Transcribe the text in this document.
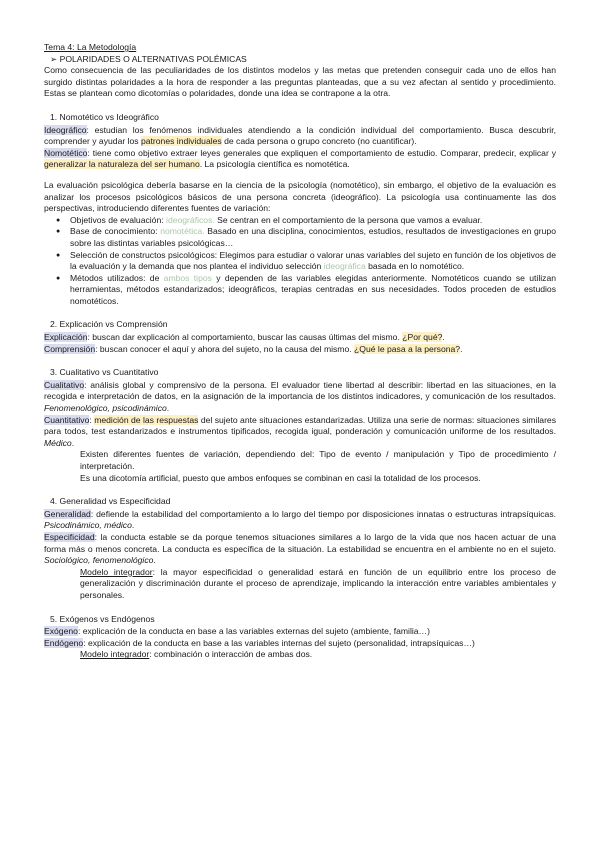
Tema 4: La Metodología

➢ POLARIDADES O ALTERNATIVAS POLÉMICAS

Como consecuencia de las peculiaridades de los distintos modelos y las metas que pretenden conseguir cada uno de ellos han surgido distintas polaridades a la hora de responder a las preguntas planteadas, que a su vez afectan al sentido y procedimiento. Estas se plantean como dicotomías o polaridades, donde una idea se contrapone a la otra.

1. Nomotético vs Ideográfico

Ideográfico: estudian los fenómenos individuales atendiendo a la condición individual del comportamiento. Busca descubrir, comprender y ayudar los patrones individuales de cada persona o grupo concreto (no cuantificar).

Nomotético: tiene como objetivo extraer leyes generales que expliquen el comportamiento de estudio. Comparar, predecir, explicar y generalizar la naturaleza del ser humano. La psicología científica es nomotética.

La evaluación psicológica debería basarse en la ciencia de la psicología (nomotético), sin embargo, el objetivo de la evaluación es analizar los procesos psicológicos básicos de una persona concreta (ideográfico). La psicología usa continuamente las dos perspectivas, introduciendo diferentes fuentes de variación:

● Objetivos de evaluación: ideográficos. Se centran en el comportamiento de la persona que vamos a evaluar.
● Base de conocimiento: nomotética. Basado en una disciplina, conocimientos, estudios, resultados de investigaciones en grupo sobre las distintas variables psicológicas…
● Selección de constructos psicológicos: Elegimos para estudiar o valorar unas variables del sujeto en función de los objetivos de la evaluación y la demanda que nos plantea el individuo selección ideográfica basada en lo nomotético.
● Métodos utilizados: de ambos tipos y dependen de las variables elegidas anteriormente. Nomotéticos cuando se utilizan herramientas, métodos estandarizados; ideográficos, terapias centradas en sus necesidades. Todos proceden de estudios nomotéticos.

2. Explicación vs Comprensión

Explicación: buscan dar explicación al comportamiento, buscar las causas últimas del mismo. ¿Por qué?.

Comprensión: buscan conocer el aquí y ahora del sujeto, no la causa del mismo. ¿Qué le pasa a la persona?.

3. Cualitativo vs Cuantitativo

Cualitativo: análisis global y comprensivo de la persona. El evaluador tiene libertad al describir: libertad en las situaciones, en la recogida e interpretación de datos, en la asignación de la importancia de los distintos indicadores, y comunicación de los resultados. Fenomenológico, psicodinámico.

Cuantitativo: medición de las respuestas del sujeto ante situaciones estandarizadas. Utiliza una serie de normas: situaciones similares para todos, test estandarizados e instrumentos tipificados, recogida igual, ponderación y comunicación uniforme de los resultados. Médico.

Existen diferentes fuentes de variación, dependiendo del: Tipo de evento / manipulación y Tipo de procedimiento / interpretación.

Es una dicotomía artificial, puesto que ambos enfoques se combinan en casi la totalidad de los procesos.

4. Generalidad vs Especificidad

Generalidad: defiende la estabilidad del comportamiento a lo largo del tiempo por disposiciones innatas o estructuras intrapsíquicas. Psicodinámico, médico.

Especificidad: la conducta estable se da porque tenemos situaciones similares a lo largo de la vida que nos hacen actuar de una forma más o menos concreta. La conducta es específica de la situación. La estabilidad se encuentra en el ambiente no en el sujeto. Sociológico, fenomenológico.

Modelo integrador: la mayor especificidad o generalidad estará en función de un equilibrio entre los proceso de generalización y discriminación durante el proceso de aprendizaje, implicando la interacción entre variables ambientales y personales.

5. Exógenos vs Endógenos

Exógeno: explicación de la conducta en base a las variables externas del sujeto (ambiente, familia…)

Endógeno: explicación de la conducta en base a las variables internas del sujeto (personalidad, intrapsíquicas…)

Modelo integrador: combinación o interacción de ambas dos.
